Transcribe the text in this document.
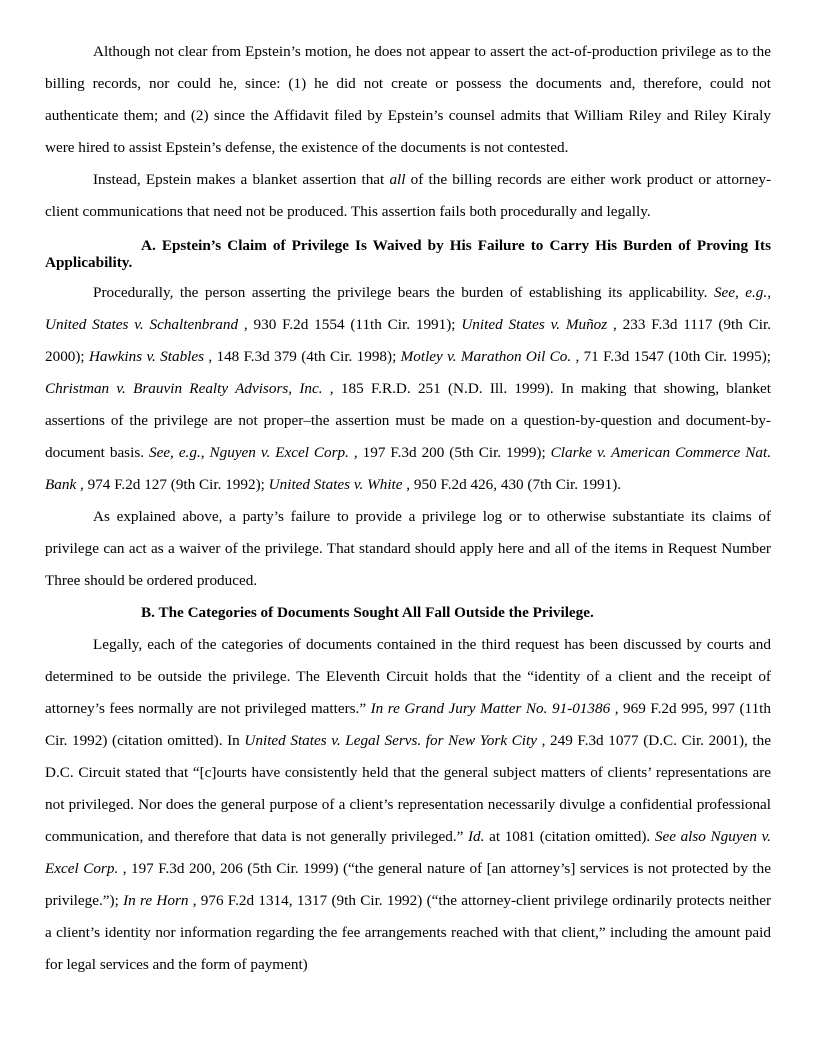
Although not clear from Epstein’s motion, he does not appear to assert the act-of-production privilege as to the billing records, nor could he, since: (1) he did not create or possess the documents and, therefore, could not authenticate them; and (2) since the Affidavit filed by Epstein’s counsel admits that William Riley and Riley Kiraly were hired to assist Epstein’s defense, the existence of the documents is not contested.

Instead, Epstein makes a blanket assertion that all of the billing records are either work product or attorney-client communications that need not be produced. This assertion fails both procedurally and legally.

A. Epstein’s Claim of Privilege Is Waived by His Failure to Carry His Burden of Proving Its Applicability.

Procedurally, the person asserting the privilege bears the burden of establishing its applicability. See, e.g., United States v. Schaltenbrand , 930 F.2d 1554 (11th Cir. 1991); United States v. Muñoz , 233 F.3d 1117 (9th Cir. 2000); Hawkins v. Stables , 148 F.3d 379 (4th Cir. 1998); Motley v. Marathon Oil Co. , 71 F.3d 1547 (10th Cir. 1995); Christman v. Brauvin Realty Advisors, Inc. , 185 F.R.D. 251 (N.D. Ill. 1999). In making that showing, blanket assertions of the privilege are not proper–the assertion must be made on a question-by-question and document-by-document basis. See, e.g., Nguyen v. Excel Corp. , 197 F.3d 200 (5th Cir. 1999); Clarke v. American Commerce Nat. Bank , 974 F.2d 127 (9th Cir. 1992); United States v. White , 950 F.2d 426, 430 (7th Cir. 1991).

As explained above, a party’s failure to provide a privilege log or to otherwise substantiate its claims of privilege can act as a waiver of the privilege. That standard should apply here and all of the items in Request Number Three should be ordered produced.

B. The Categories of Documents Sought All Fall Outside the Privilege.

Legally, each of the categories of documents contained in the third request has been discussed by courts and determined to be outside the privilege. The Eleventh Circuit holds that the “identity of a client and the receipt of attorney’s fees normally are not privileged matters.” In re Grand Jury Matter No. 91-01386 , 969 F.2d 995, 997 (11th Cir. 1992) (citation omitted). In United States v. Legal Servs. for New York City , 249 F.3d 1077 (D.C. Cir. 2001), the D.C. Circuit stated that “[c]ourts have consistently held that the general subject matters of clients’ representations are not privileged. Nor does the general purpose of a client’s representation necessarily divulge a confidential professional communication, and therefore that data is not generally privileged.” Id. at 1081 (citation omitted). See also Nguyen v. Excel Corp. , 197 F.3d 200, 206 (5th Cir. 1999) (“the general nature of [an attorney’s] services is not protected by the privilege.”); In re Horn , 976 F.2d 1314, 1317 (9th Cir. 1992) (“the attorney-client privilege ordinarily protects neither a client’s identity nor information regarding the fee arrangements reached with that client,” including the amount paid for legal services and the form of payment)
